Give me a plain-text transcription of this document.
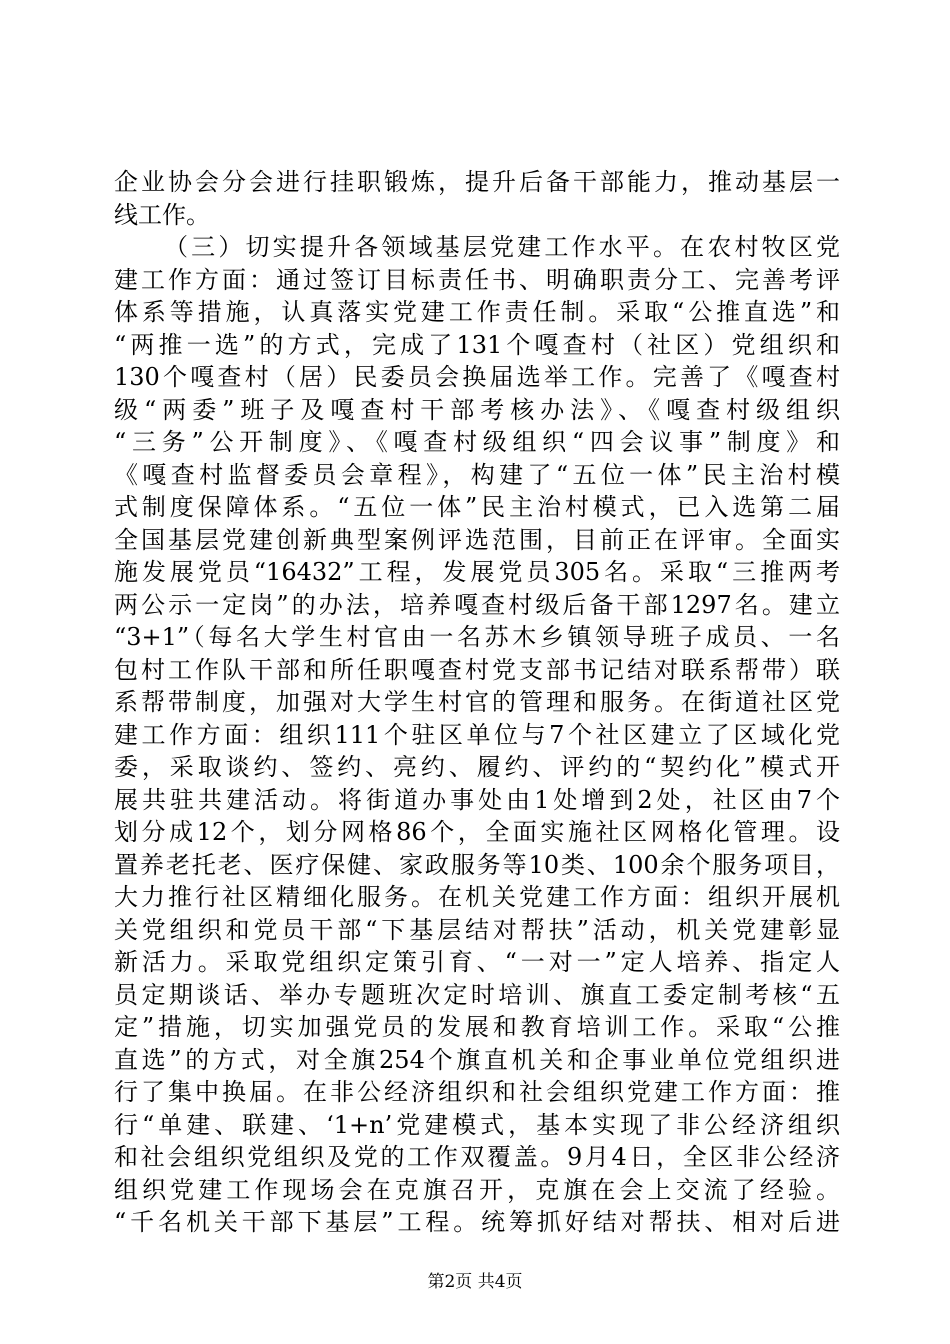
企业协会分会进行挂职锻炼，提升后备干部能力，推动基层一
线工作。
（三）切实提升各领域基层党建工作水平。在农村牧区党
建工作方面：通过签订目标责任书、明确职责分工、完善考评
体系等措施，认真落实党建工作责任制。采取“公推直选”和
“两推一选”的方式，完成了131个嘎查村（社区）党组织和
130个嘎查村（居）民委员会换届选举工作。完善了《嘎查村
级“两委”班子及嘎查村干部考核办法》、《嘎查村级组织
“三务”公开制度》、《嘎查村级组织“四会议事”制度》和
《嘎查村监督委员会章程》，构建了“五位一体”民主治村模
式制度保障体系。“五位一体”民主治村模式，已入选第二届
全国基层党建创新典型案例评选范围，目前正在评审。全面实
施发展党员“16432”工程，发展党员305名。采取“三推两考
两公示一定岗”的办法，培养嘎查村级后备干部1297名。建立
“3+1”（每名大学生村官由一名苏木乡镇领导班子成员、一名
包村工作队干部和所任职嘎查村党支部书记结对联系帮带）联
系帮带制度，加强对大学生村官的管理和服务。在街道社区党
建工作方面：组织111个驻区单位与7个社区建立了区域化党
委，采取谈约、签约、亮约、履约、评约的“契约化”模式开
展共驻共建活动。将街道办事处由1处增到2处，社区由7个
划分成12个，划分网格86个，全面实施社区网格化管理。设
置养老托老、医疗保健、家政服务等10类、100余个服务项目，
大力推行社区精细化服务。在机关党建工作方面：组织开展机
关党组织和党员干部“下基层结对帮扶”活动，机关党建彰显
新活力。采取党组织定策引育、“一对一”定人培养、指定人
员定期谈话、举办专题班次定时培训、旗直工委定制考核“五
定”措施，切实加强党员的发展和教育培训工作。采取“公推
直选”的方式，对全旗254个旗直机关和企事业单位党组织进
行了集中换届。在非公经济组织和社会组织党建工作方面：推
行“单建、联建、‘1+n’党建模式，基本实现了非公经济组织
和社会组织党组织及党的工作双覆盖。9月4日，全区非公经济
组织党建工作现场会在克旗召开，克旗在会上交流了经验。
“千名机关干部下基层”工程。统筹抓好结对帮扶、相对后进
第2页 共4页
